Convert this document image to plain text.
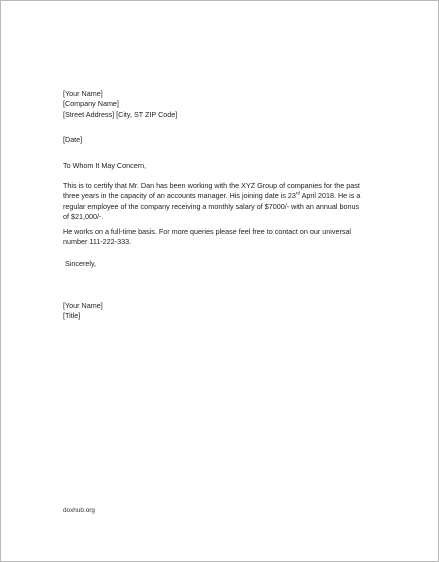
[Your Name]
[Company Name]
[Street Address] [City, ST ZIP Code]
[Date]
To Whom It May Concern,
This is to certify that Mr. Dan has been working with the XYZ Group of companies for the past
three years in the capacity of an accounts manager. His joining date is 23rd April 2018. He is a
regular employee of the company receiving a monthly salary of $7000/- with an annual bonus
of $21,000/-.
He works on a full-time basis. For more queries please feel free to contact on our universal
number 111-222-333.
Sincerely,
[Your Name]
[Title]
doxhub.org
